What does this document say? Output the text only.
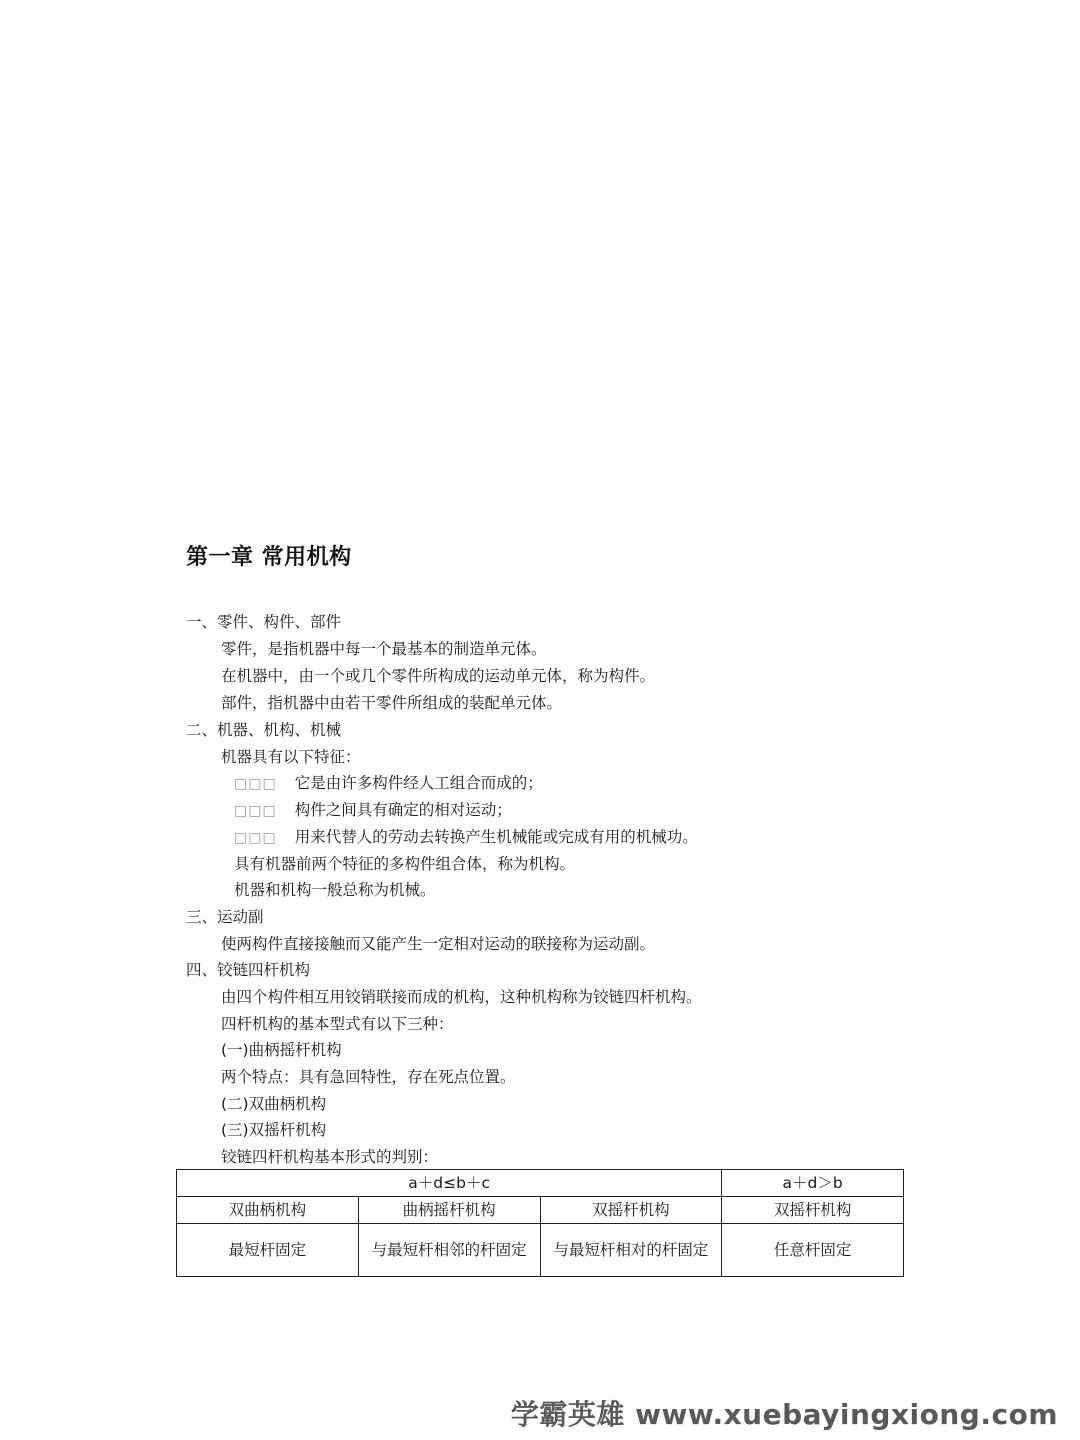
第一章 常用机构
一、零件、构件、部件
零件，是指机器中每一个最基本的制造单元体。
在机器中，由一个或几个零件所构成的运动单元体，称为构件。
部件，指机器中由若干零件所组成的装配单元体。
二、机器、机构、机械
机器具有以下特征：
□□□ 它是由许多构件经人工组合而成的；
□□□ 构件之间具有确定的相对运动；
□□□ 用来代替人的劳动去转换产生机械能或完成有用的机械功。
具有机器前两个特征的多构件组合体，称为机构。
机器和机构一般总称为机械。
三、运动副
使两构件直接接触而又能产生一定相对运动的联接称为运动副。
四、铰链四杆机构
由四个构件相互用铰销联接而成的机构，这种机构称为铰链四杆机构。
四杆机构的基本型式有以下三种：
(一)曲柄摇杆机构
两个特点：具有急回特性，存在死点位置。
(二)双曲柄机构
(三)双摇杆机构
铰链四杆机构基本形式的判别：
a＋d≤b＋c			a＋d＞b
双曲柄机构	曲柄摇杆机构	双摇杆机构	双摇杆机构
最短杆固定	与最短杆相邻的杆固定	与最短杆相对的杆固定	任意杆固定
学霸英雄 www.xuebayingxiong.com
